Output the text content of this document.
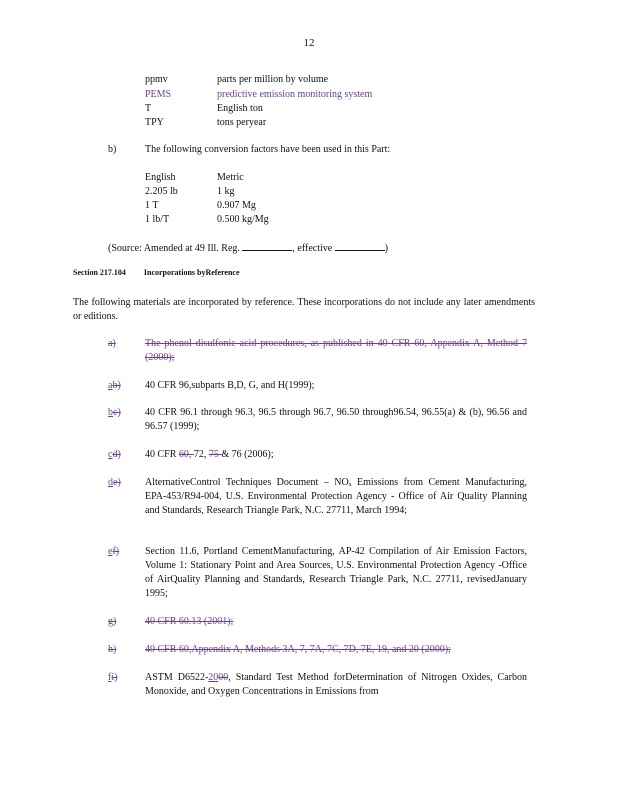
12
ppmv	parts per million by volume
PEMS	predictive emission monitoring system
T	English ton
TPY	tons peryear
b)	The following conversion factors have been used in this Part:
English	Metric
2.205 lb	1 kg
1 T	0.907 Mg
1 lb/T	0.500 kg/Mg
(Source: Amended at 49 Ill. Reg.	, effective	)
Section 217.104 Incorporations byReference
The following materials are incorporated by reference. These incorporations do not include any later amendments or editions.
a)	The phenol disulfonic acid procedures, as published in 40 CFR 60, Appendix A, Method 7 (2000);
ab) 40 CFR 96,subparts B,D, G, and H(1999);
bc) 40 CFR 96.1 through 96.3, 96.5 through 96.7, 96.50 through96.54, 96.55(a) & (b), 96.56 and 96.57 (1999);
cd) 40 CFR 60, 72, 75 & 76 (2006);
de) AlternativeControl Techniques Document – NOₓ Emissions from Cement Manufacturing, EPA-453/R94-004, U.S. Environmental Protection Agency - Office of Air Quality Planning and Standards, Research Triangle Park, N.C. 27711, March 1994;
ef)	Section 11.6, Portland CementManufacturing, AP-42 Compilation of Air Emission Factors, Volume 1: Stationary Point and Area Sources, U.S. Environmental Protection Agency -Office of AirQuality Planning and Standards, Research Triangle Park, N.C. 27711, revisedJanuary 1995;
g)	40 CFR 60.13 (2001);
h)	40 CFR 60,Appendix A, Methods 3A, 7, 7A, 7C, 7D, 7E, 19, and 20 (2000);
fi)	ASTM D6522-2000, Standard Test Method forDetermination of Nitrogen Oxides, Carbon Monoxide, and Oxygen Concentrations in Emissions from
